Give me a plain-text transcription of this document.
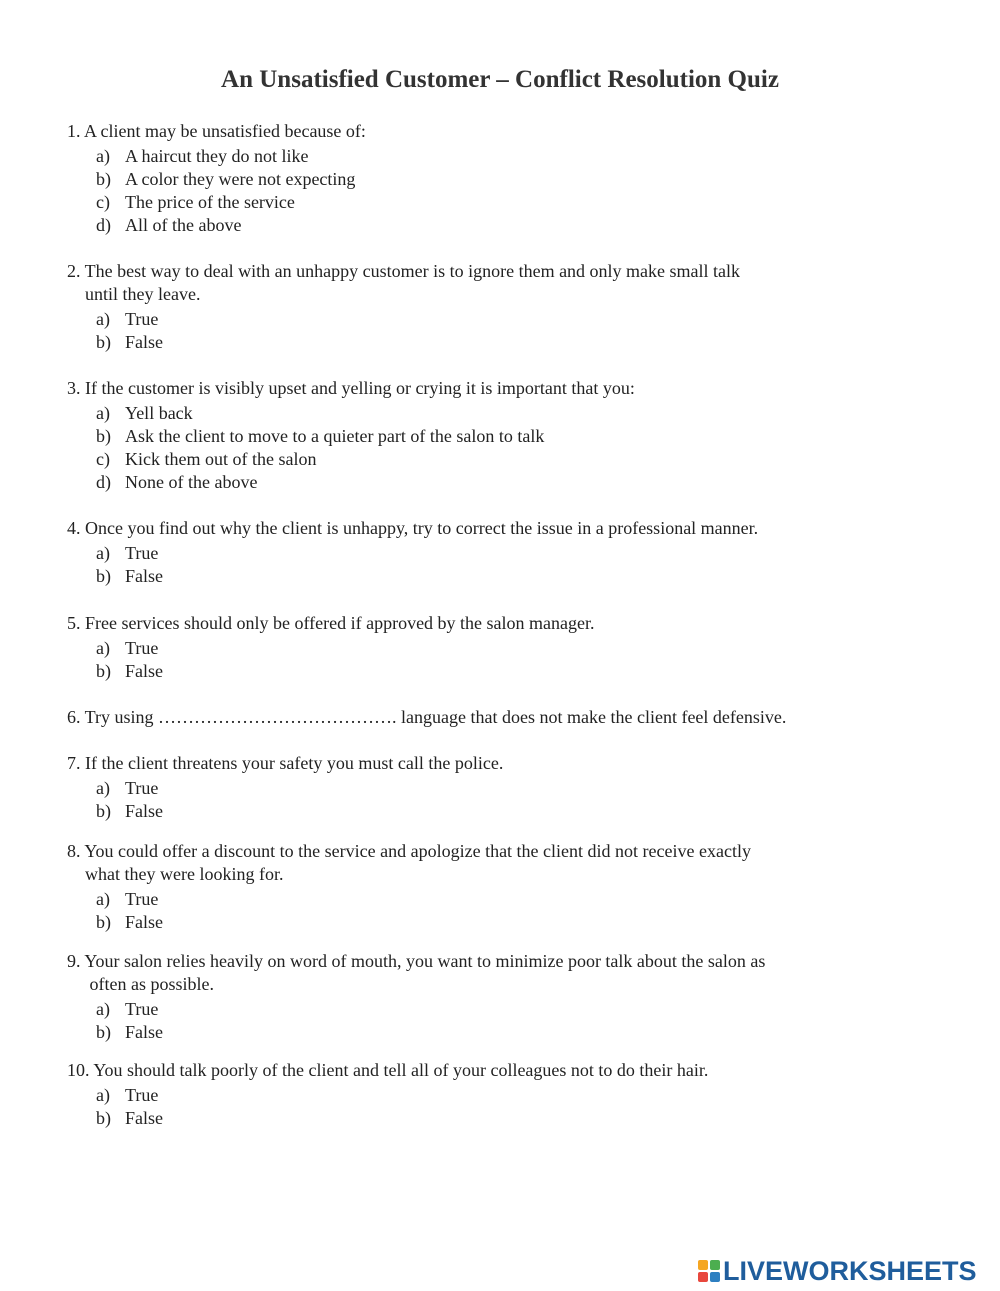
An Unsatisfied Customer – Conflict Resolution Quiz
1. A client may be unsatisfied because of:
a) A haircut they do not like
b) A color they were not expecting
c) The price of the service
d) All of the above
2. The best way to deal with an unhappy customer is to ignore them and only make small talk
until they leave.
a) True
b) False
3. If the customer is visibly upset and yelling or crying it is important that you:
a) Yell back
b) Ask the client to move to a quieter part of the salon to talk
c) Kick them out of the salon
d) None of the above
4. Once you find out why the client is unhappy, try to correct the issue in a professional manner.
a) True
b) False
5. Free services should only be offered if approved by the salon manager.
a) True
b) False
6. Try using …………………………………. language that does not make the client feel defensive.
7. If the client threatens your safety you must call the police.
a) True
b) False
8. You could offer a discount to the service and apologize that the client did not receive exactly
what they were looking for.
a) True
b) False
9. Your salon relies heavily on word of mouth, you want to minimize poor talk about the salon as
often as possible.
a) True
b) False
10. You should talk poorly of the client and tell all of your colleagues not to do their hair.
a) True
b) False
LIVEWORKSHEETS
